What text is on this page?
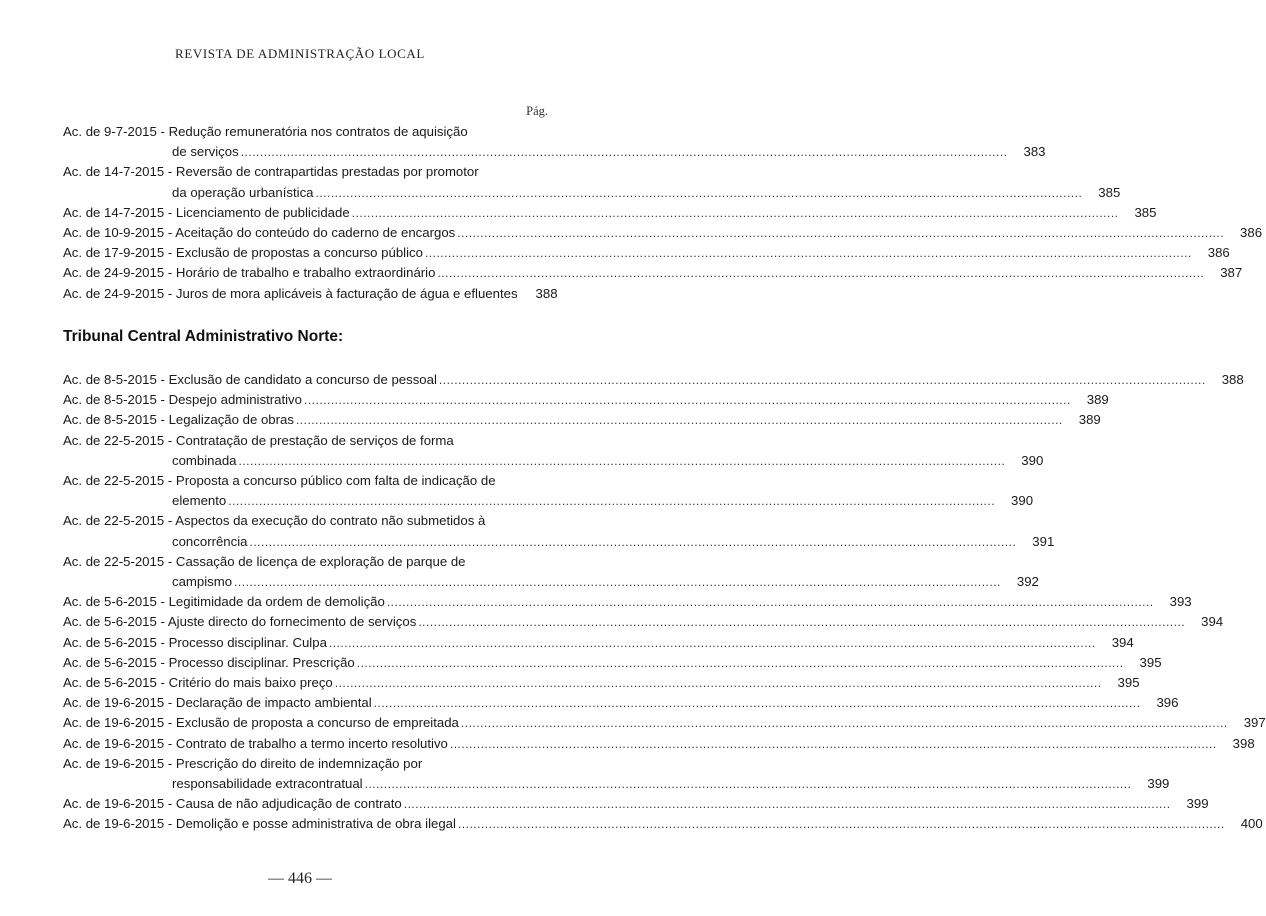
REVISTA DE ADMINISTRAÇÃO LOCAL
Pág.
Ac. de 9-7-2015 - Redução remuneratória nos contratos de aquisição
de serviços ........................................................................................................................................................................................................	383
Ac. de 14-7-2015 - Reversão de contrapartidas prestadas por promotor
da operação urbanística ........................................................................................................................................................................................................	385
Ac. de 14-7-2015 - Licenciamento de publicidade ........................................................................................................................................................................................................	385
Ac. de 10-9-2015 - Aceitação do conteúdo do caderno de encargos ........................................................................................................................................................................................................	386
Ac. de 17-9-2015 - Exclusão de propostas a concurso público ........................................................................................................................................................................................................	386
Ac. de 24-9-2015 - Horário de trabalho e trabalho extraordinário ........................................................................................................................................................................................................	387
Ac. de 24-9-2015 - Juros de mora aplicáveis à facturação de água e efluentes	388
Tribunal Central Administrativo Norte:
Ac. de 8-5-2015 - Exclusão de candidato a concurso de pessoal ........................................................................................................................................................................................................	388
Ac. de 8-5-2015 - Despejo administrativo ........................................................................................................................................................................................................	389
Ac. de 8-5-2015 - Legalização de obras ........................................................................................................................................................................................................	389
Ac. de 22-5-2015 - Contratação de prestação de serviços de forma
combinada ........................................................................................................................................................................................................	390
Ac. de 22-5-2015 - Proposta a concurso público com falta de indicação de
elemento ........................................................................................................................................................................................................	390
Ac. de 22-5-2015 - Aspectos da execução do contrato não submetidos à
concorrência ........................................................................................................................................................................................................	391
Ac. de 22-5-2015 - Cassação de licença de exploração de parque de
campismo ........................................................................................................................................................................................................	392
Ac. de 5-6-2015 - Legitimidade da ordem de demolição ........................................................................................................................................................................................................	393
Ac. de 5-6-2015 - Ajuste directo do fornecimento de serviços ........................................................................................................................................................................................................	394
Ac. de 5-6-2015 - Processo disciplinar. Culpa ........................................................................................................................................................................................................	394
Ac. de 5-6-2015 - Processo disciplinar. Prescrição ........................................................................................................................................................................................................	395
Ac. de 5-6-2015 - Critério do mais baixo preço ........................................................................................................................................................................................................	395
Ac. de 19-6-2015 - Declaração de impacto ambiental ........................................................................................................................................................................................................	396
Ac. de 19-6-2015 - Exclusão de proposta a concurso de empreitada ........................................................................................................................................................................................................	397
Ac. de 19-6-2015 - Contrato de trabalho a termo incerto resolutivo ........................................................................................................................................................................................................	398
Ac. de 19-6-2015 - Prescrição do direito de indemnização por
responsabilidade extracontratual ........................................................................................................................................................................................................	399
Ac. de 19-6-2015 - Causa de não adjudicação de contrato ........................................................................................................................................................................................................	399
Ac. de 19-6-2015 - Demolição e posse administrativa de obra ilegal ........................................................................................................................................................................................................	400
— 446 —
